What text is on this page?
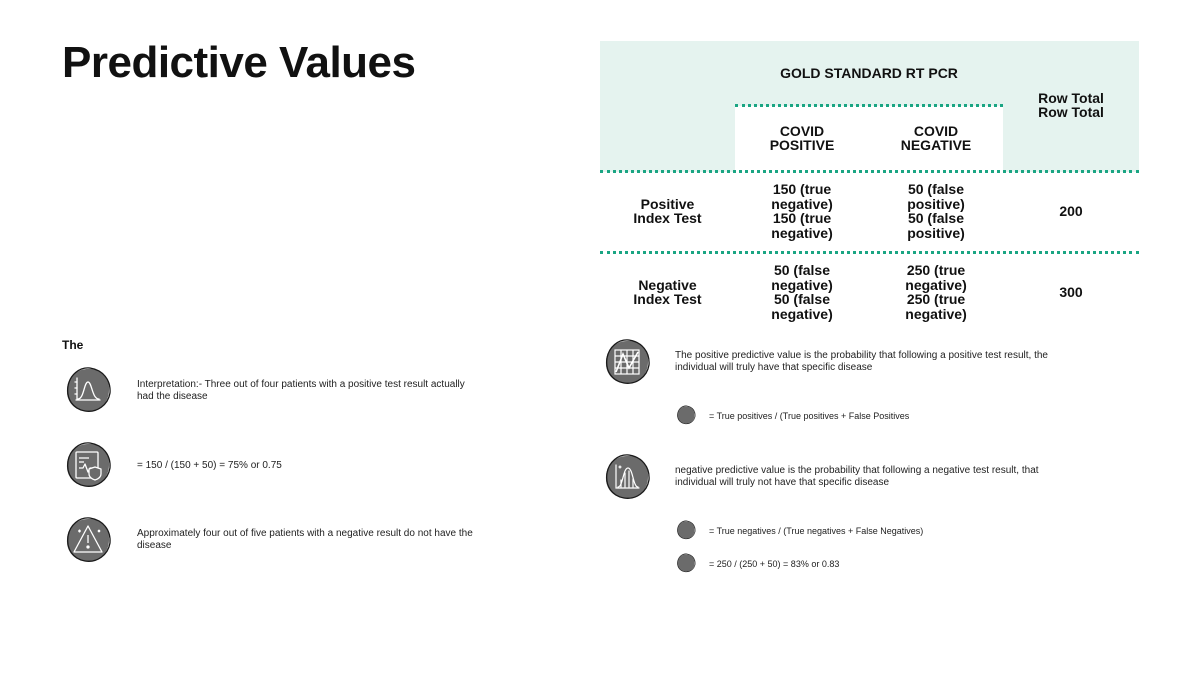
Predictive Values
The
Interpretation:- Three out of four patients with a positive test result actually had the disease
= 150 / (150 + 50) = 75% or 0.75
Approximately four out of five patients with a negative result do not have the disease
GOLD STANDARD RT PCR
Row Total
Row Total
COVID
POSITIVE
COVID
NEGATIVE
Positive
Index Test
150 (true
negative)
150 (true
negative)
50 (false
positive)
50 (false
positive)
200
Negative
Index Test
50 (false
negative)
50 (false
negative)
250 (true
negative)
250 (true
negative)
300
The positive predictive value is the probability that following a positive test result, the individual will truly have that specific disease
= True positives / (True positives + False Positives
negative predictive value is the probability that following a negative test result, that individual will truly not have that specific disease
= True negatives / (True negatives + False Negatives)
= 250 / (250 + 50) = 83% or 0.83
